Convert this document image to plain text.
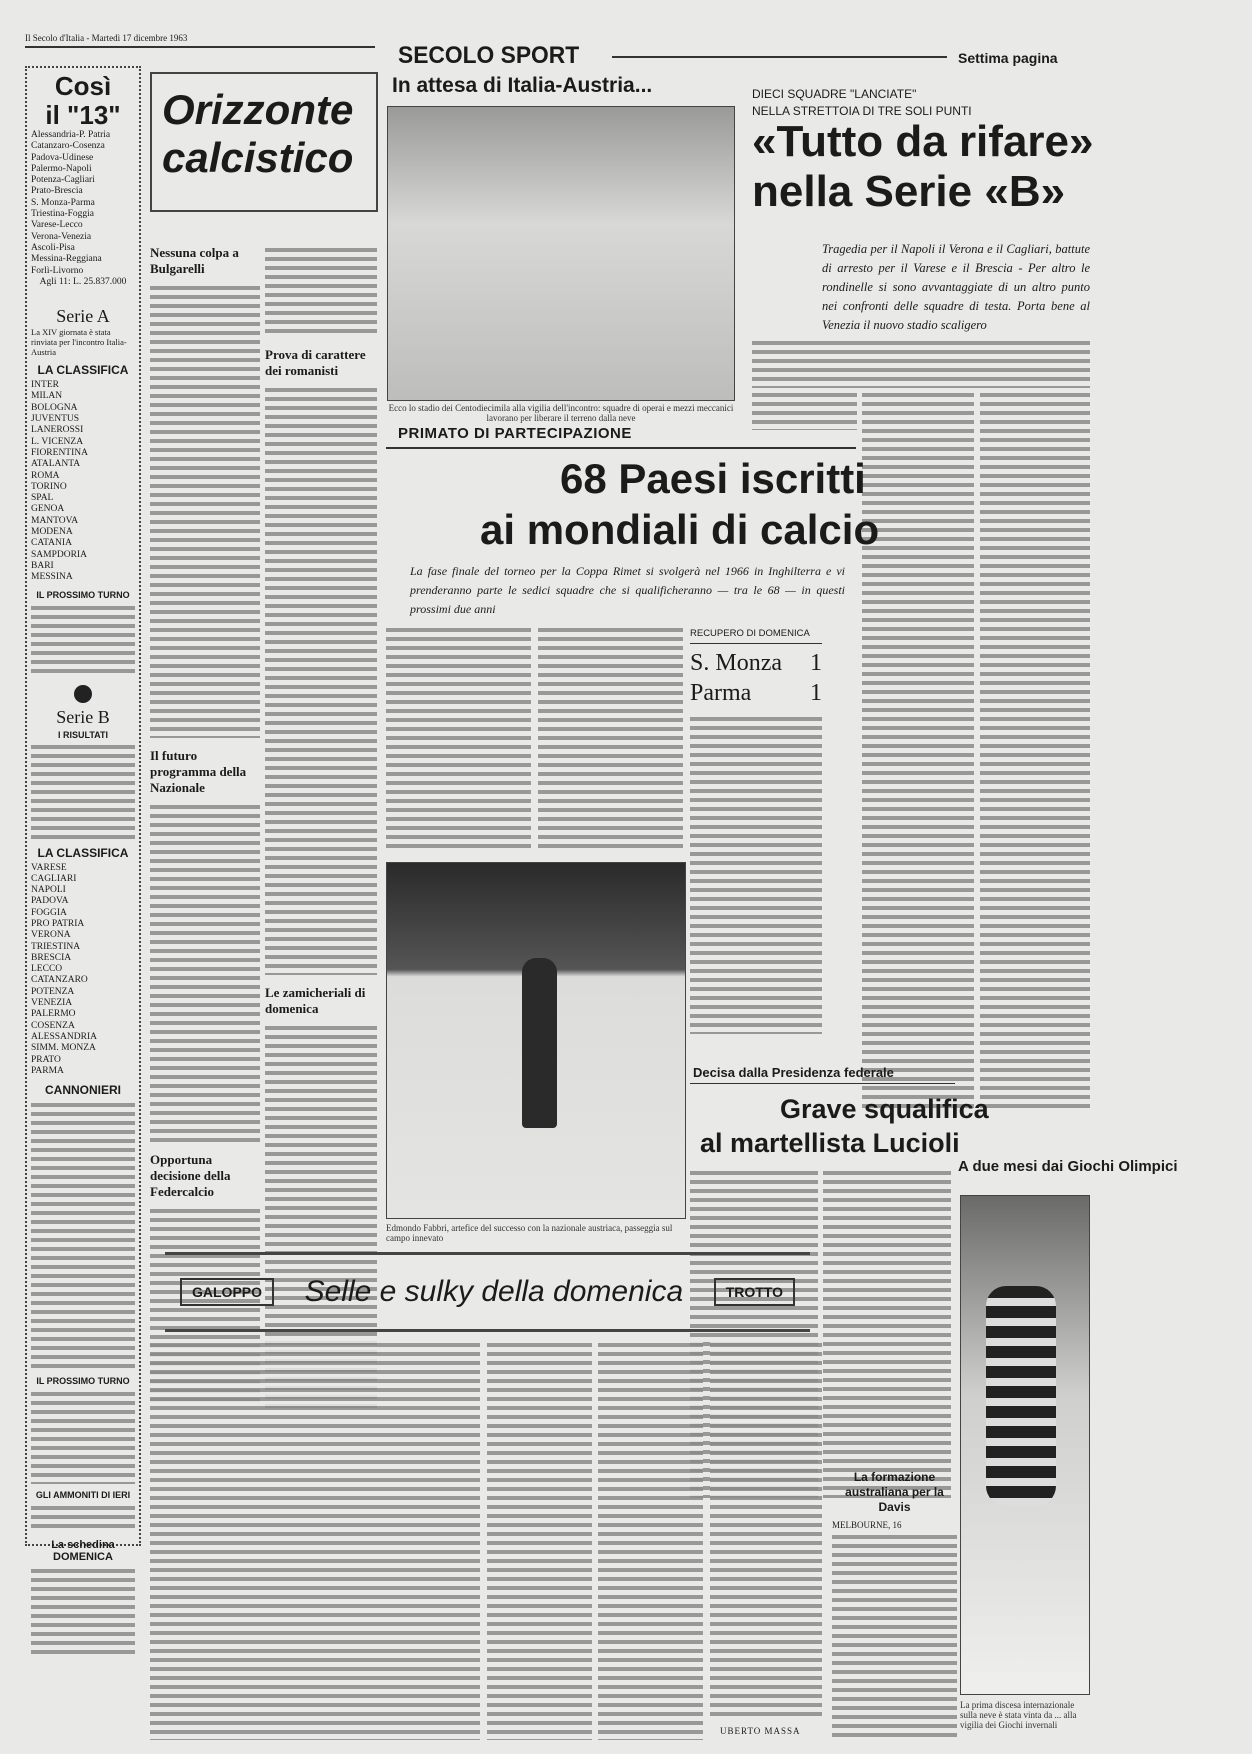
Il Secolo d'Italia - Martedì 17 dicembre 1963
SECOLO SPORT	Settima pagina
Così
il "13"
Alessandria-P. Patria
Catanzaro-Cosenza
Padova-Udinese
Palermo-Napoli
Potenza-Cagliari
Prato-Brescia
S. Monza-Parma
Triestina-Foggia
Varese-Lecco
Verona-Venezia
Ascoli-Pisa
Messina-Reggiana
Forlì-Livorno
Agli 11: L. 25.837.000
Serie A
La XIV giornata è stata rinviata per l'incontro Italia-Austria
LA CLASSIFICA
INTER
MILAN
BOLOGNA
JUVENTUS
LANEROSSI
L. VICENZA
FIORENTINA
ATALANTA
ROMA
TORINO
SPAL
GENOA
MANTOVA
MODENA
CATANIA
SAMPDORIA
BARI
MESSINA
IL PROSSIMO TURNO
Serie B
I RISULTATI
LA CLASSIFICA
VARESE
CAGLIARI
NAPOLI
PADOVA
FOGGIA
PRO PATRIA
VERONA
TRIESTINA
BRESCIA
LECCO
CATANZARO
POTENZA
VENEZIA
PALERMO
COSENZA
ALESSANDRIA
SIMM. MONZA
PRATO
PARMA
CANNONIERI
IL PROSSIMO TURNO
GLI AMMONITI DI IERI
La schedina DOMENICA
Orizzonte
calcistico
Nessuna colpa a Bulgarelli
Il futuro programma della Nazionale
Opportuna decisione della Federcalcio
Prova di carattere dei romanisti
Le zamicheriali di domenica
In attesa di Italia-Austria...
Ecco lo stadio dei Centodiecimila alla vigilia dell'incontro: squadre di operai e mezzi meccanici lavorano per liberare il terreno dalla neve
DIECI SQUADRE "LANCIATE"
NELLA STRETTOIA DI TRE SOLI PUNTI
«Tutto da rifare»
nella Serie «B»
Tragedia per il Napoli il Verona e il Cagliari, battute di arresto per il Varese e il Brescia - Per altro le rondinelle si sono avvantaggiate di un altro punto nei confronti delle squadre di testa. Porta bene al Venezia il nuovo stadio scaligero
PRIMATO DI PARTECIPAZIONE
68 Paesi iscritti
ai mondiali di calcio
La fase finale del torneo per la Coppa Rimet si svolgerà nel 1966 in Inghilterra e vi prenderanno parte le sedici squadre che si qualificheranno — tra le 68 — in questi prossimi due anni
RECUPERO DI DOMENICA
S. Monza 1
Parma 1
Edmondo Fabbri, artefice del successo con la nazionale austriaca, passeggia sul campo innevato
Decisa dalla Presidenza federale
Grave squalifica
al martellista Lucioli
A due mesi dai Giochi Olimpici
La prima discesa internazionale sulla neve è stata vinta da ... alla vigilia dei Giochi invernali
GALOPPO	Selle e sulky della domenica	TROTTO
UBERTO MASSA
La formazione australiana per la Davis
MELBOURNE, 16
